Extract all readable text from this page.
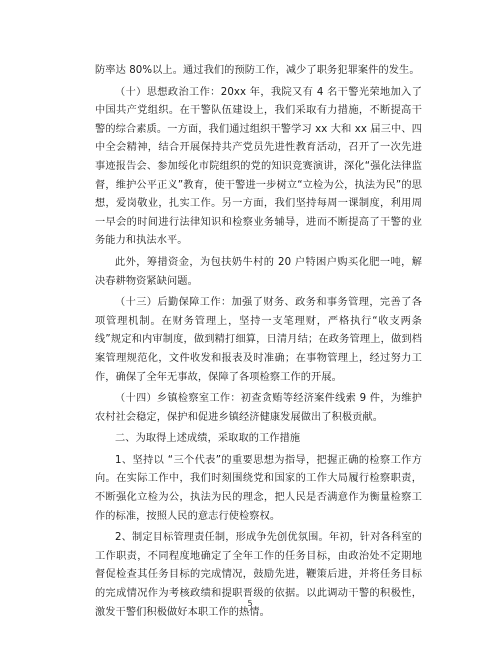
防率达 80%以上。通过我们的预防工作，减少了职务犯罪案件的发生。

（十）思想政治工作：20xx 年，我院又有 4 名干警光荣地加入了中国共产党组织。在干警队伍建设上，我们采取有力措施，不断提高干警的综合素质。一方面，我们通过组织干警学习 xx 大和 xx 届三中、四中全会精神，结合开展保持共产党员先进性教育活动，召开了一次先进事迹报告会、参加绥化市院组织的党的知识竞赛演讲，深化“强化法律监督，维护公平正义”教育，使干警进一步树立“立检为公，执法为民”的思想，爱岗敬业，扎实工作。另一方面，我们坚持每周一课制度，利用周一早会的时间进行法律知识和检察业务辅导，进而不断提高了干警的业务能力和执法水平。

此外，筹措资金，为包扶奶牛村的 20 户特困户购买化肥一吨，解决春耕物资紧缺问题。

（十三）后勤保障工作：加强了财务、政务和事务管理，完善了各项管理机制。在财务管理上，坚持一支笔理财，严格执行“收支两条线”规定和内审制度，做到精打细算，日清月结；在政务管理上，做到档案管理规范化，文件收发和报表及时准确；在事物管理上，经过努力工作，确保了全年无事故，保障了各项检察工作的开展。

（十四）乡镇检察室工作：初查贪贿等经济案件线索 9 件，为维护农村社会稳定，保护和促进乡镇经济健康发展做出了积极贡献。

二、为取得上述成绩，采取取的工作措施

1、坚持以 “三个代表”的重要思想为指导，把握正确的检察工作方向。在实际工作中，我们时刻围绕党和国家的工作大局履行检察职责，不断强化立检为公，执法为民的理念，把人民是否满意作为衡量检察工作的标准，按照人民的意志行使检察权。

2、制定目标管理责任制，形成争先创优氛围。年初，针对各科室的工作职责，不同程度地确定了全年工作的任务目标，由政治处不定期地督促检查其任务目标的完成情况，鼓励先进，鞭策后进，并将任务目标的完成情况作为考核政绩和提职晋级的依据。以此调动干警的积极性，激发干警们积极做好本职工作的热情。

5
